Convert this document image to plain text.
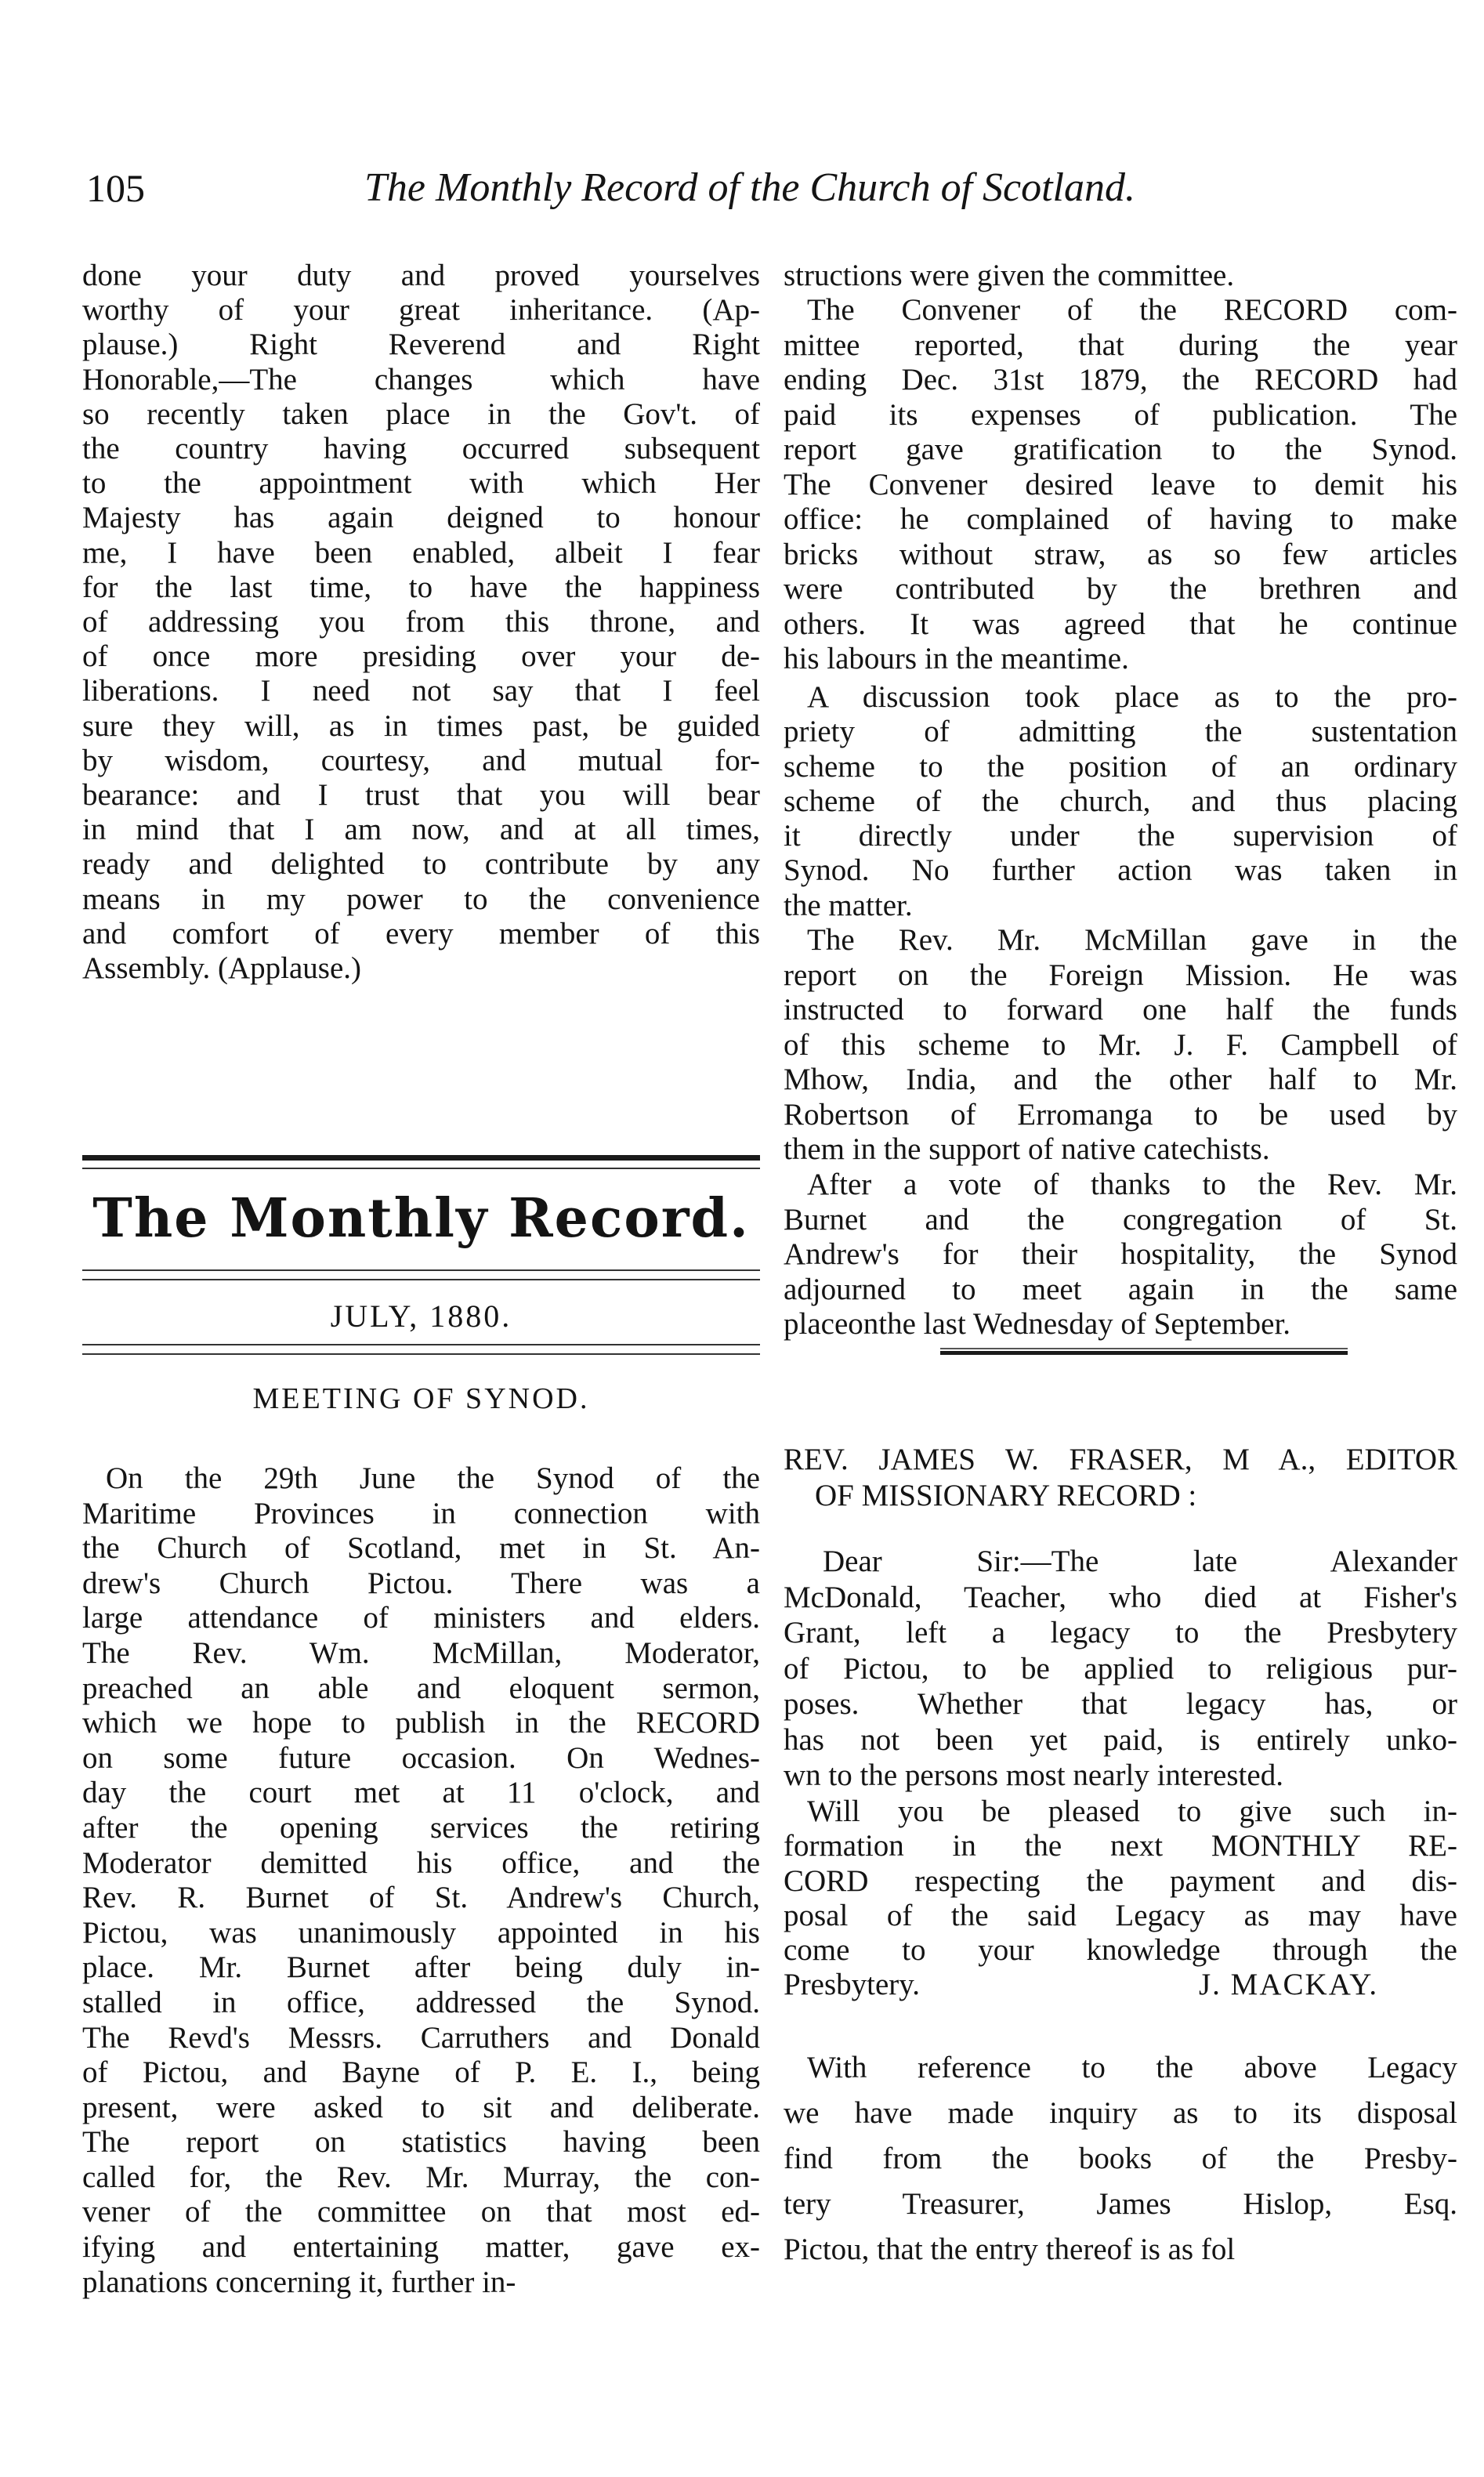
105	The Monthly Record of the Church of Scotland.
done your duty and proved yourselves
worthy of your great inheritance. (Ap-
plause.) Right Reverend and Right
Honorable,—The changes which have
so recently taken place in the Gov't. of
the country having occurred subsequent
to the appointment with which Her
Majesty has again deigned to honour
me, I have been enabled, albeit I fear
for the last time, to have the happiness
of addressing you from this throne, and
of once more presiding over your de-
liberations. I need not say that I feel
sure they will, as in times past, be guided
by wisdom, courtesy, and mutual for-
bearance: and I trust that you will bear
in mind that I am now, and at all times,
ready and delighted to contribute by any
means in my power to the convenience
and comfort of every member of this
Assembly. (Applause.)
The Monthly Record.
JULY, 1880.
MEETING OF SYNOD.
On the 29th June the Synod of the
Maritime Provinces in connection with
the Church of Scotland, met in St. An-
drew's Church Pictou. There was a
large attendance of ministers and elders.
The Rev. Wm. McMillan, Moderator,
preached an able and eloquent sermon,
which we hope to publish in the RECORD
on some future occasion. On Wednes-
day the court met at 11 o'clock, and
after the opening services the retiring
Moderator demitted his office, and the
Rev. R. Burnet of St. Andrew's Church,
Pictou, was unanimously appointed in his
place. Mr. Burnet after being duly in-
stalled in office, addressed the Synod.
The Revd's Messrs. Carruthers and Donald
of Pictou, and Bayne of P. E. I., being
present, were asked to sit and deliberate.
The report on statistics having been
called for, the Rev. Mr. Murray, the con-
vener of the committee on that most ed-
ifying and entertaining matter, gave ex-
planations concerning it, further in-
structions were given the committee.
The Convener of the RECORD com-
mittee reported, that during the year
ending Dec. 31st 1879, the RECORD had
paid its expenses of publication. The
report gave gratification to the Synod.
The Convener desired leave to demit his
office: he complained of having to make
bricks without straw, as so few articles
were contributed by the brethren and
others. It was agreed that he continue
his labours in the meantime.
A discussion took place as to the pro-
priety of admitting the sustentation
scheme to the position of an ordinary
scheme of the church, and thus placing
it directly under the supervision of
Synod. No further action was taken in
the matter.
The Rev. Mr. McMillan gave in the
report on the Foreign Mission. He was
instructed to forward one half the funds
of this scheme to Mr. J. F. Campbell of
Mhow, India, and the other half to Mr.
Robertson of Erromanga to be used by
them in the support of native catechists.
After a vote of thanks to the Rev. Mr.
Burnet and the congregation of St.
Andrew's for their hospitality, the Synod
adjourned to meet again in the same
placeonthe last Wednesday of September.
REV. JAMES W. FRASER, M A., EDITOR
OF MISSIONARY RECORD :
Dear Sir:—The late Alexander
McDonald, Teacher, who died at Fisher's
Grant, left a legacy to the Presbytery
of Pictou, to be applied to religious pur-
poses. Whether that legacy has, or
has not been yet paid, is entirely unko-
wn to the persons most nearly interested.
Will you be pleased to give such in-
formation in the next MONTHLY RE-
CORD respecting the payment and dis-
posal of the said Legacy as may have
come to your knowledge through the
Presbytery.	J. MACKAY.
With reference to the above Legacy
we have made inquiry as to its disposal
find from the books of the Presby-
tery Treasurer, James Hislop, Esq.
Pictou, that the entry thereof is as fol
